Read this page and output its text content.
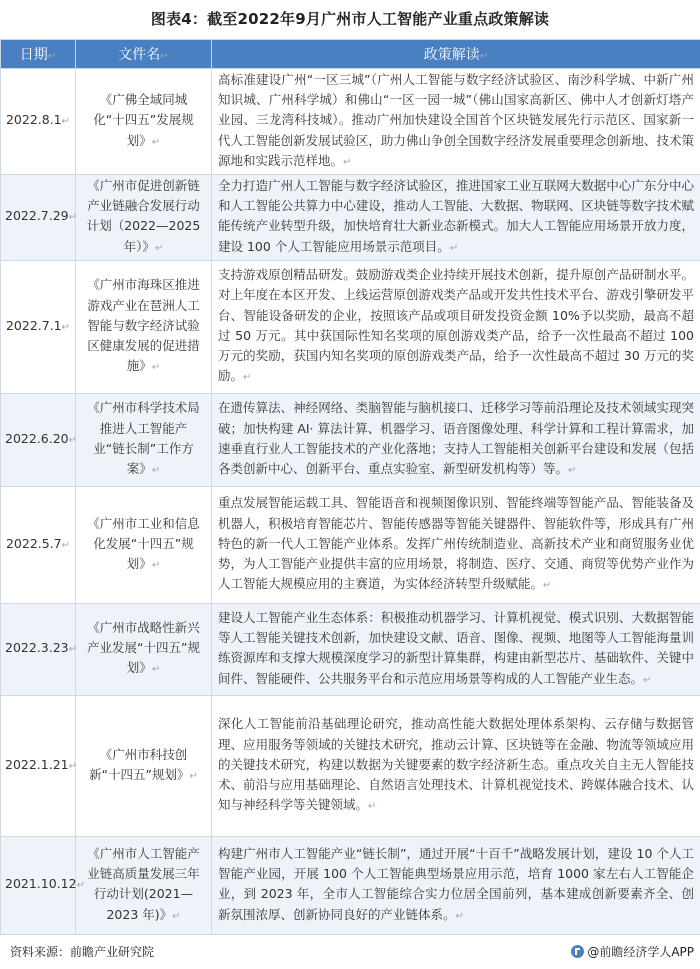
图表4：截至2022年9月广州市人工智能产业重点政策解读
日期↵	文件名↵	政策解读↵
2022.8.1↵	《广佛全域同城化“十四五”发展规划》↵	高标准建设广州“一区三城”（广州人工智能与数字经济试验区、南沙科学城、中新广州知识城、广州科学城）和佛山“一区一园一城”（佛山国家高新区、佛中人才创新灯塔产业园、三龙湾科技城）。推动广州加快建设全国首个区块链发展先行示范区、国家新一代人工智能创新发展试验区，助力佛山争创全国数字经济发展重要理念创新地、技术策源地和实践示范样地。↵
2022.7.29↵	《广州市促进创新链产业链融合发展行动计划（2022—2025 年）》↵	全力打造广州人工智能与数字经济试验区，推进国家工业互联网大数据中心广东分中心和人工智能公共算力中心建设，推动人工智能、大数据、物联网、区块链等数字技术赋能传统产业转型升级，加快培育壮大新业态新模式。加大人工智能应用场景开放力度，建设 100 个人工智能应用场景示范项目。↵
2022.7.1↵	《广州市海珠区推进游戏产业在琶洲人工智能与数字经济试验区健康发展的促进措施》↵	支持游戏原创精品研发。鼓励游戏类企业持续开展技术创新，提升原创产品研制水平。对上年度在本区开发、上线运营原创游戏类产品或开发共性技术平台、游戏引擎研发平台、智能设备研发的企业，按照该产品或项目研发投资金额 10%予以奖励，最高不超过 50 万元。其中获国际性知名奖项的原创游戏类产品，给予一次性最高不超过 100 万元的奖励，获国内知名奖项的原创游戏类产品，给予一次性最高不超过 30 万元的奖励。↵
2022.6.20↵	《广州市科学技术局推进人工智能产业“链长制”工作方案》↵	在遗传算法、神经网络、类脑智能与脑机接口、迁移学习等前沿理论及技术领域实现突破；加快构建 AI· 算法计算、机器学习、语音图像处理、科学计算和工程计算需求，加速垂直行业人工智能技术的产业化落地；支持人工智能相关创新平台建设和发展（包括各类创新中心、创新平台、重点实验室、新型研发机构等）等。↵
2022.5.7↵	《广州市工业和信息化发展“十四五”规划》↵	重点发展智能运载工具、智能语音和视频图像识别、智能终端等智能产品、智能装备及机器人，积极培育智能芯片、智能传感器等智能关键器件、智能软件等，形成具有广州特色的新一代人工智能产业体系。发挥广州传统制造业、高新技术产业和商贸服务业优势，为人工智能产业提供丰富的应用场景，将制造、医疗、交通、商贸等优势产业作为人工智能大规模应用的主赛道，为实体经济转型升级赋能。↵
2022.3.23↵	《广州市战略性新兴产业发展“十四五”规划》↵	建设人工智能产业生态体系：积极推动机器学习、计算机视觉、模式识别、大数据智能等人工智能关键技术创新，加快建设文献、语音、图像、视频、地图等人工智能海量训练资源库和支撑大规模深度学习的新型计算集群，构建由新型芯片、基础软件、关键中间件、智能硬件、公共服务平台和示范应用场景等构成的人工智能产业生态。↵
2022.1.21↵	《广州市科技创新“十四五”规划》↵	深化人工智能前沿基础理论研究，推动高性能大数据处理体系架构、云存储与数据管理、应用服务等领域的关键技术研究，推动云计算、区块链等在金融、物流等领域应用的关键技术研究，构建以数据为关键要素的数字经济新生态。重点攻关自主无人智能技术、前沿与应用基础理论、自然语言处理技术、计算机视觉技术、跨媒体融合技术、认知与神经科学等关键领域。↵
2021.10.12↵	《广州市人工智能产业链高质量发展三年行动计划(2021—2023 年)》↵	构建广州市人工智能产业“链长制”，通过开展“十百千”战略发展计划，建设 10 个人工智能产业园，开展 100 个人工智能典型场景应用示范，培育 1000 家左右人工智能企业，到 2023 年，全市人工智能综合实力位居全国前列，基本建成创新要素齐全、创新氛围浓厚、创新协同良好的产业链体系。↵
资料来源：前瞻产业研究院	@前瞻经济学人APP
